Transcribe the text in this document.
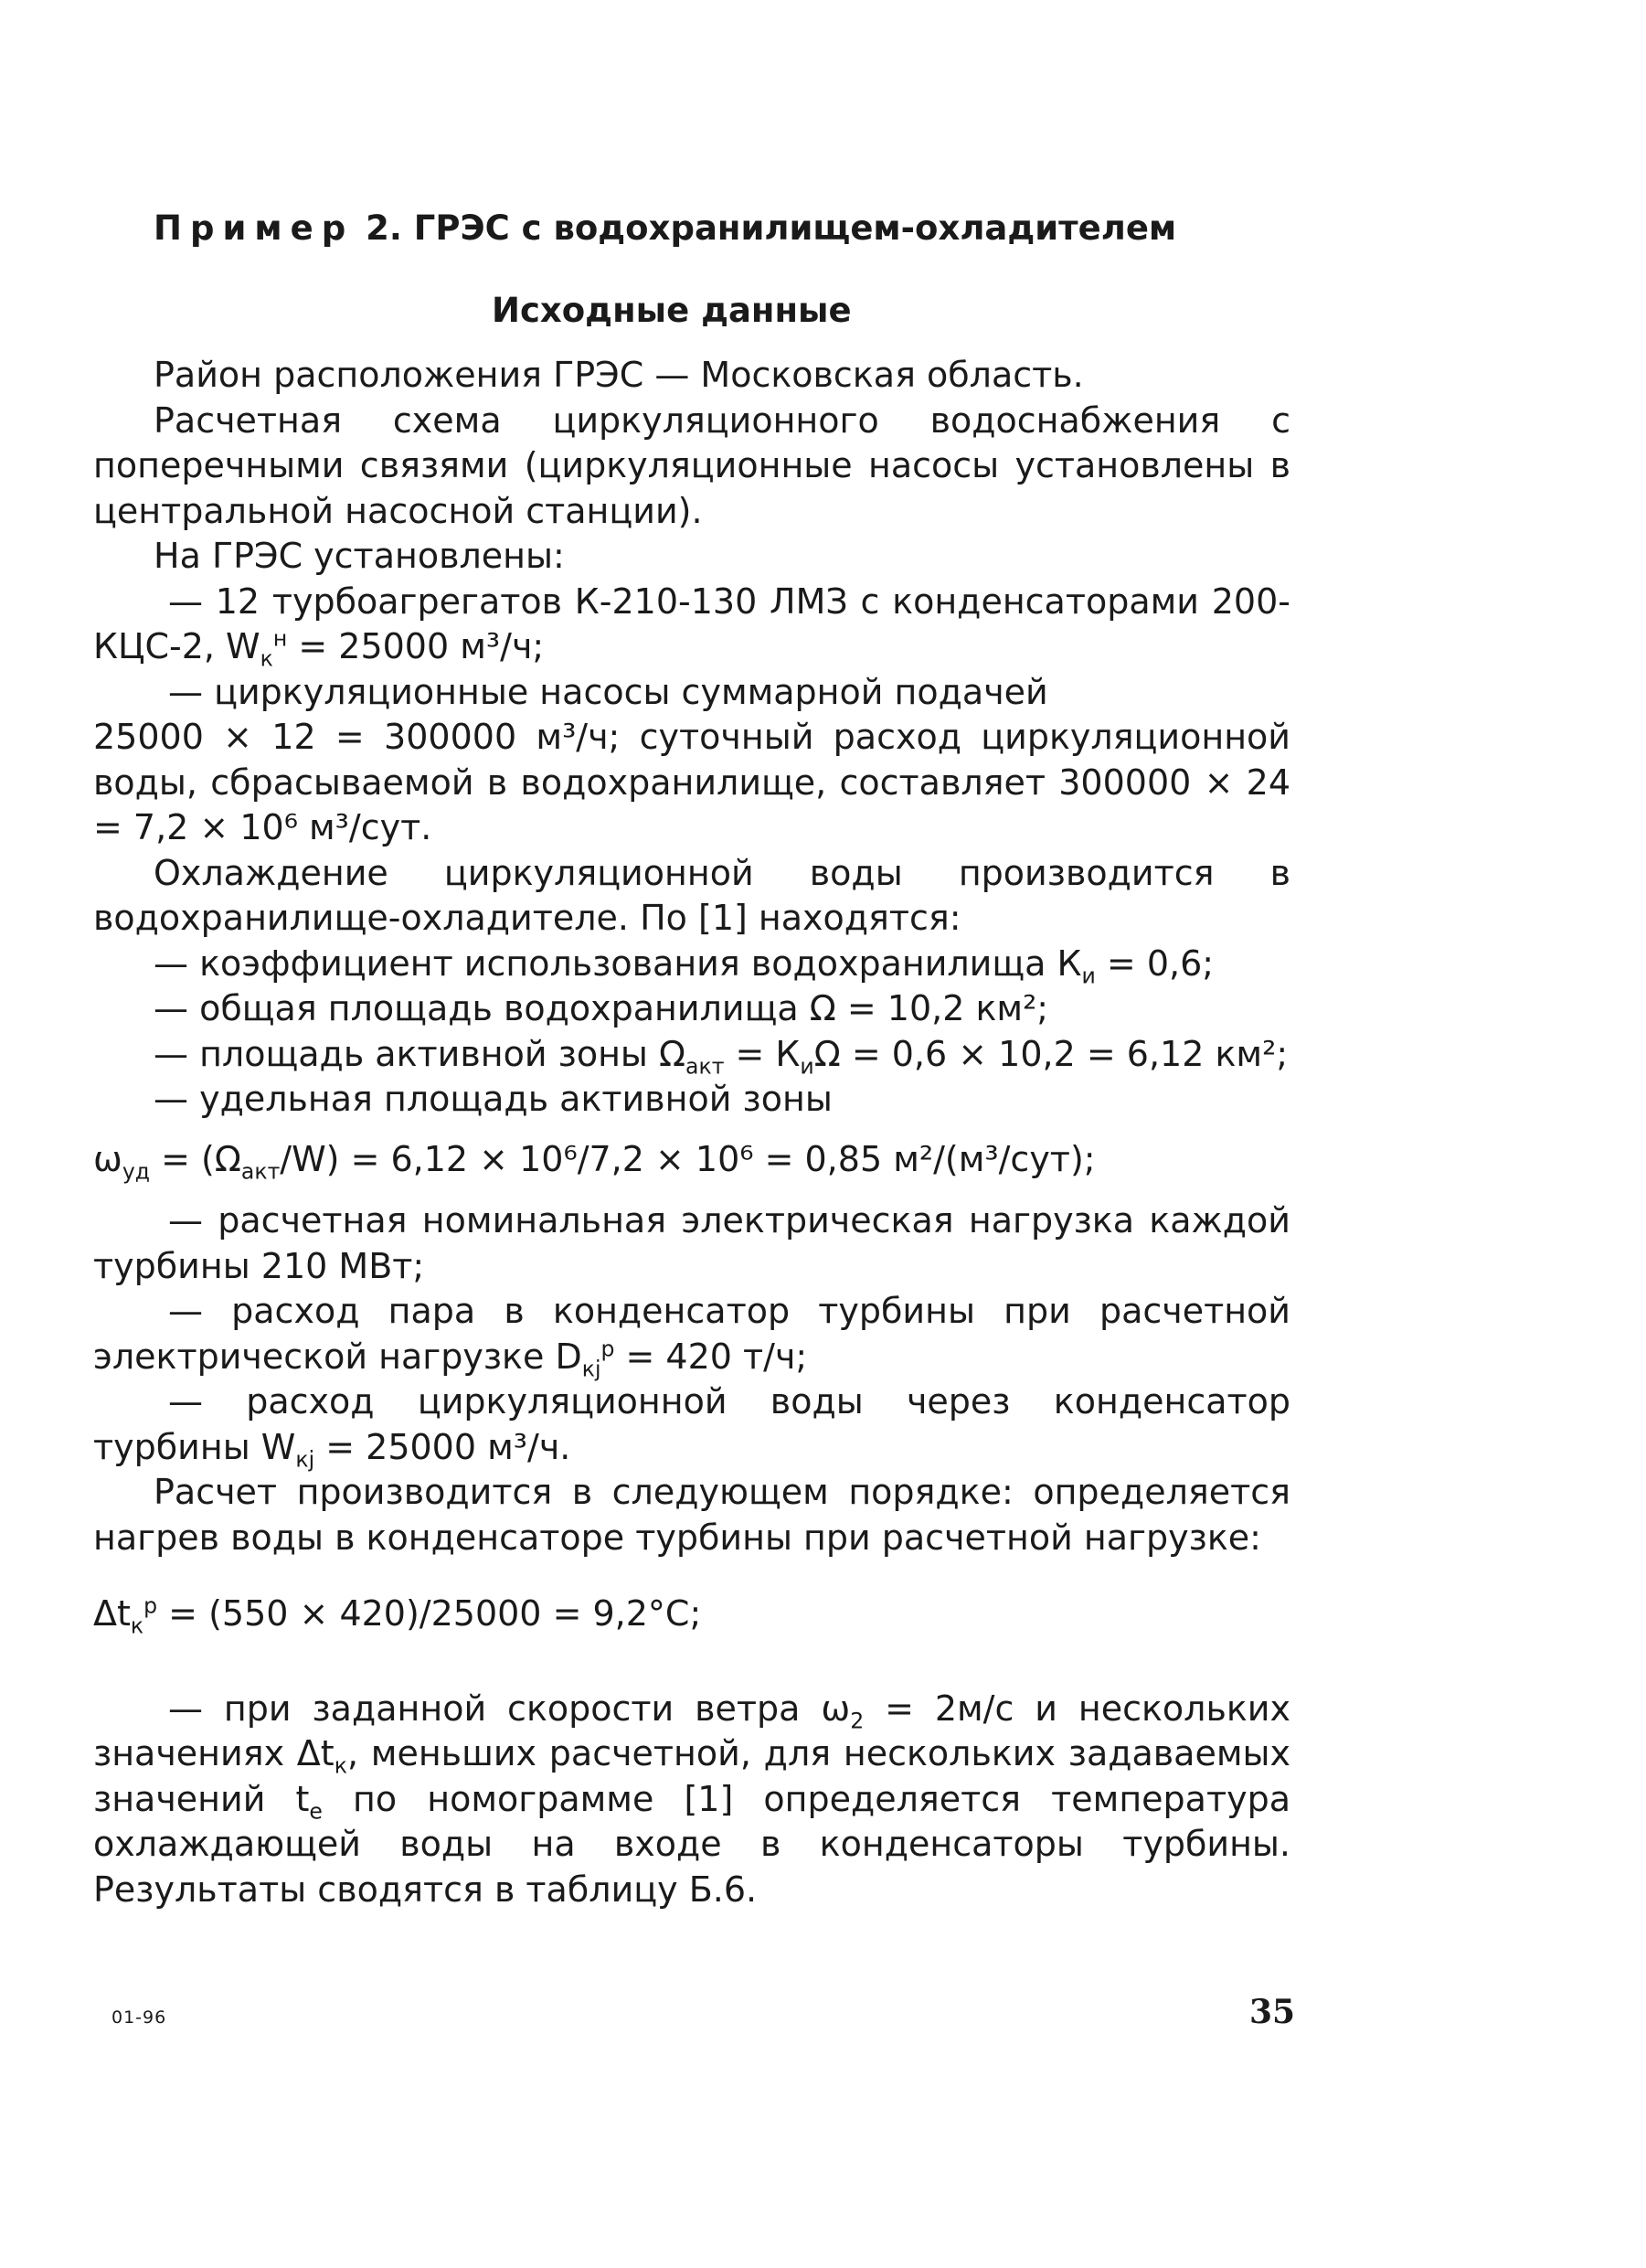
Пример 2. ГРЭС с водохранилищем-охладителем
Исходные данные

Район расположения ГРЭС — Московская область.

Расчетная схема циркуляционного водоснабжения с поперечными связями (циркуляционные насосы установлены в центральной насосной станции).

На ГРЭС установлены:

— 12 турбоагрегатов К-210-130 ЛМЗ с конденсаторами 200-КЦС-2, $W_к^н = 25000$ м³/ч;

— циркуляционные насосы суммарной подачей

25000 × 12 = 300000 м³/ч; суточный расход циркуляционной воды, сбрасываемой в водохранилище, составляет 300000 × 24 = 7,2 × 10⁶ м³/сут.

Охлаждение циркуляционной воды производится в водохранилище-охладителе. По [1] находятся:

— коэффициент использования водохранилища $К_и = 0,6$;

— общая площадь водохранилища Ω = 10,2 км²;

— площадь активной зоны $\Omega_{акт} = К_и\Omega = 0,6 \times 10,2 = 6,12$ км²;

— удельная площадь активной зоны

$\omega_{уд} = (\Omega_{акт}/W) = 6,12 \times 10^6/7,2 \times 10^6 = 0,85$ м²/(м³/сут);

— расчетная номинальная электрическая нагрузка каждой турбины 210 МВт;

— расход пара в конденсатор турбины при расчетной электрической нагрузке $D_{кj}^р = 420$ т/ч;

— расход циркуляционной воды через конденсатор турбины $W_{кj} = 25000$ м³/ч.

Расчет производится в следующем порядке: определяется нагрев воды в конденсаторе турбины при расчетной нагрузке:

$\Delta t_к^р = (550 \times 420)/25000 = 9,2^\circ С$;

— при заданной скорости ветра $\omega_2 = 2м/с$ и нескольких значениях $\Delta t_к$, меньших расчетной, для нескольких задаваемых значений $t_е$ по номограмме [1] определяется температура охлаждающей воды на входе в конденсаторы турбины. Результаты сводятся в таблицу Б.6.

01-96	35
